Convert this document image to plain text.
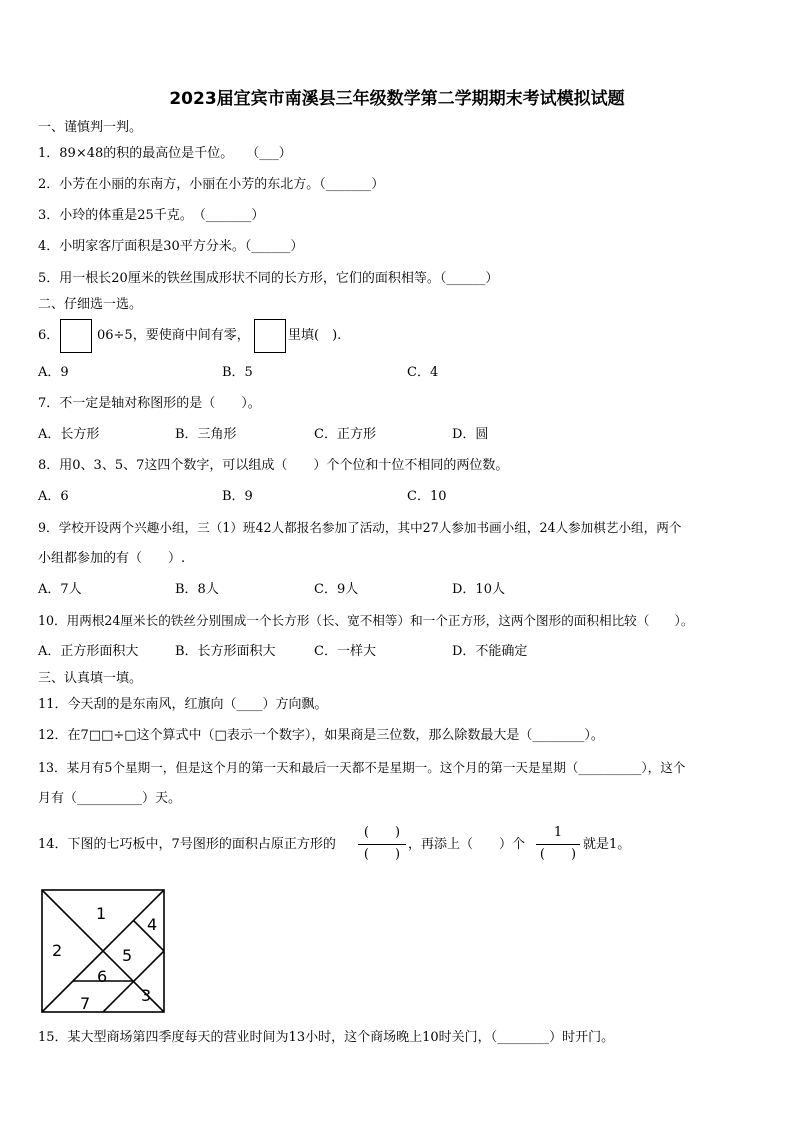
2023届宜宾市南溪县三年级数学第二学期期末考试模拟试题
一、谨慎判一判。
1．89×48的积的最高位是千位。　　（___）
2．小芳在小丽的东南方，小丽在小芳的东北方。（_______）
3．小玲的体重是25千克。　（_______）
4．小明家客厅面积是30平方分米。（______）
5．用一根长20厘米的铁丝围成形状不同的长方形，它们的面积相等。（______）
二、仔细选一选。
6．	06÷5，要使商中间有零，	里填(　).
A．9	B．5	C．4
7．不一定是轴对称图形的是（　　）。
A．长方形	B．三角形	C．正方形	D．圆
8．用0、3、5、7这四个数字，可以组成（　　）个个位和十位不相同的两位数。
A．6	B．9	C．10
9．学校开设两个兴趣小组，三（1）班42人都报名参加了活动，其中27人参加书画小组，24人参加棋艺小组，两个
小组都参加的有（　　）.
A．7人	B．8人	C．9人	D．10人
10．用两根24厘米长的铁丝分别围成一个长方形（长、宽不相等）和一个正方形，这两个图形的面积相比较（　　）。
A．正方形面积大	B．长方形面积大	C．一样大	D．不能确定
三、认真填一填。
11．今天刮的是东南风，红旗向（____）方向飘。
12．在7□□÷□这个算式中（□表示一个数字），如果商是三位数，那么除数最大是（________）。
13．某月有5个星期一，但是这个月的第一天和最后一天都不是星期一。这个月的第一天是星期（__________），这个
月有（__________）天。
14．下图的七巧板中，7号图形的面积占原正方形的
(　　)
(　　)
，再添上（　　）个
1
(　　)
就是1。
1
2
3
4
5
6
7
15．某大型商场第四季度每天的营业时间为13小时，这个商场晚上10时关门，（________）时开门。
